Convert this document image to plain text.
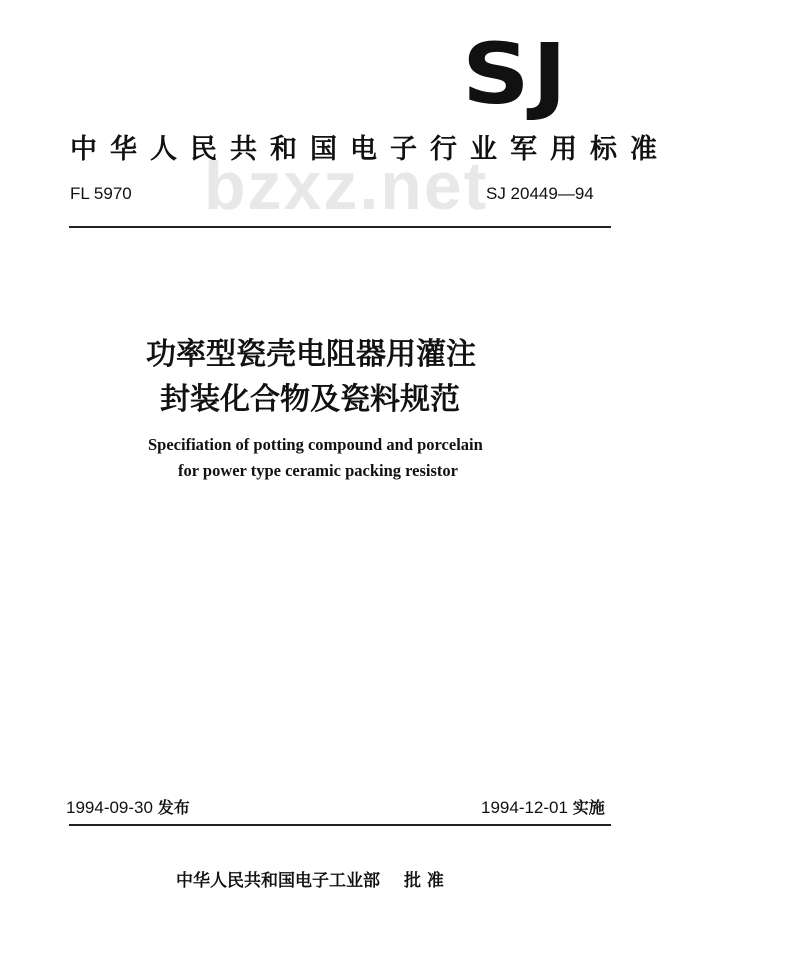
bzxz.net
SJ
中华人民共和国电子行业军用标准
FL 5970	SJ 20449—94
功率型瓷壳电阻器用灌注
封装化合物及瓷料规范
Specifiation of potting compound and porcelain
for power type ceramic packing resistor
1994-09-30 发布	1994-12-01 实施
中华人民共和国电子工业部 批 准
